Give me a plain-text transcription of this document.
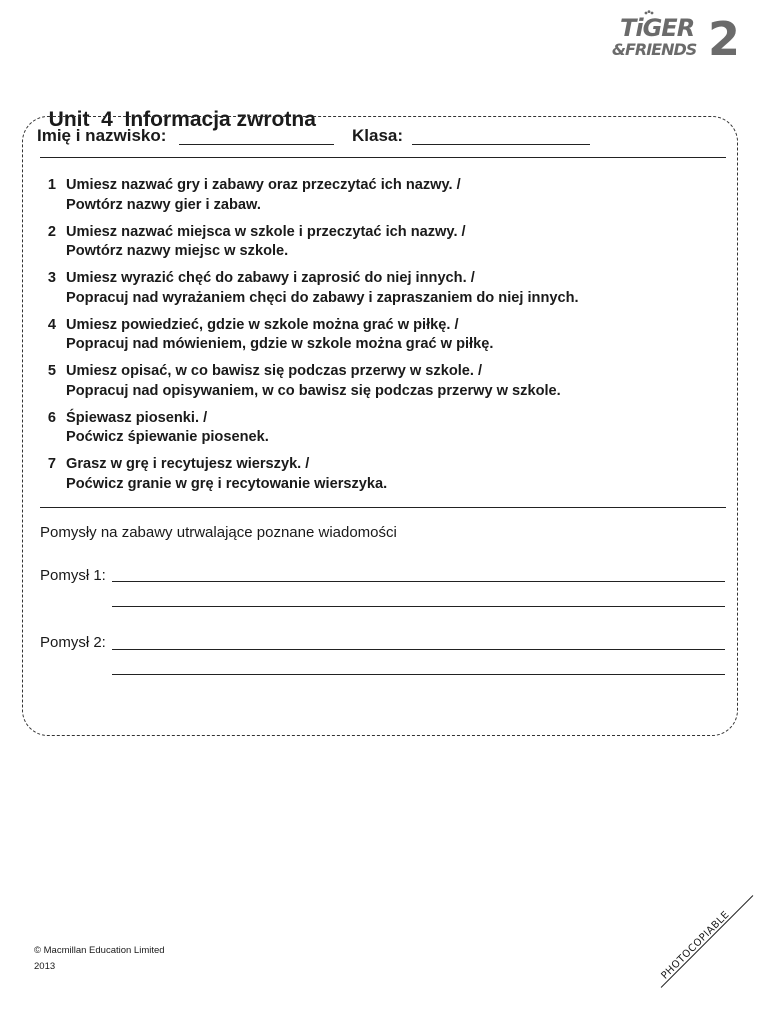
TiGER
&FRIENDS 2

Unit  4 Informacja zwrotna

Imię i nazwisko:	Klasa:
1 Umiesz nazwać gry i zabawy oraz przeczytać ich nazwy. /
Powtórz nazwy gier i zabaw.
2 Umiesz nazwać miejsca w szkole i przeczytać ich nazwy. /
Powtórz nazwy miejsc w szkole.
3 Umiesz wyrazić chęć do zabawy i zaprosić do niej innych. /
Popracuj nad wyrażaniem chęci do zabawy i zapraszaniem do niej innych.
4 Umiesz powiedzieć, gdzie w szkole można grać w piłkę. /
Popracuj nad mówieniem, gdzie w szkole można grać w piłkę.
5 Umiesz opisać, w co bawisz się podczas przerwy w szkole. /
Popracuj nad opisywaniem, w co bawisz się podczas przerwy w szkole.
6 Śpiewasz piosenki. /
Poćwicz śpiewanie piosenek.
7 Grasz w grę i recytujesz wierszyk. /
Poćwicz granie w grę i recytowanie wierszyka.
Pomysły na zabawy utrwalające poznane wiadomości
Pomysł 1:
Pomysł 2:
© Macmillan Education Limited
2013	PHOTOCOPIABLE
